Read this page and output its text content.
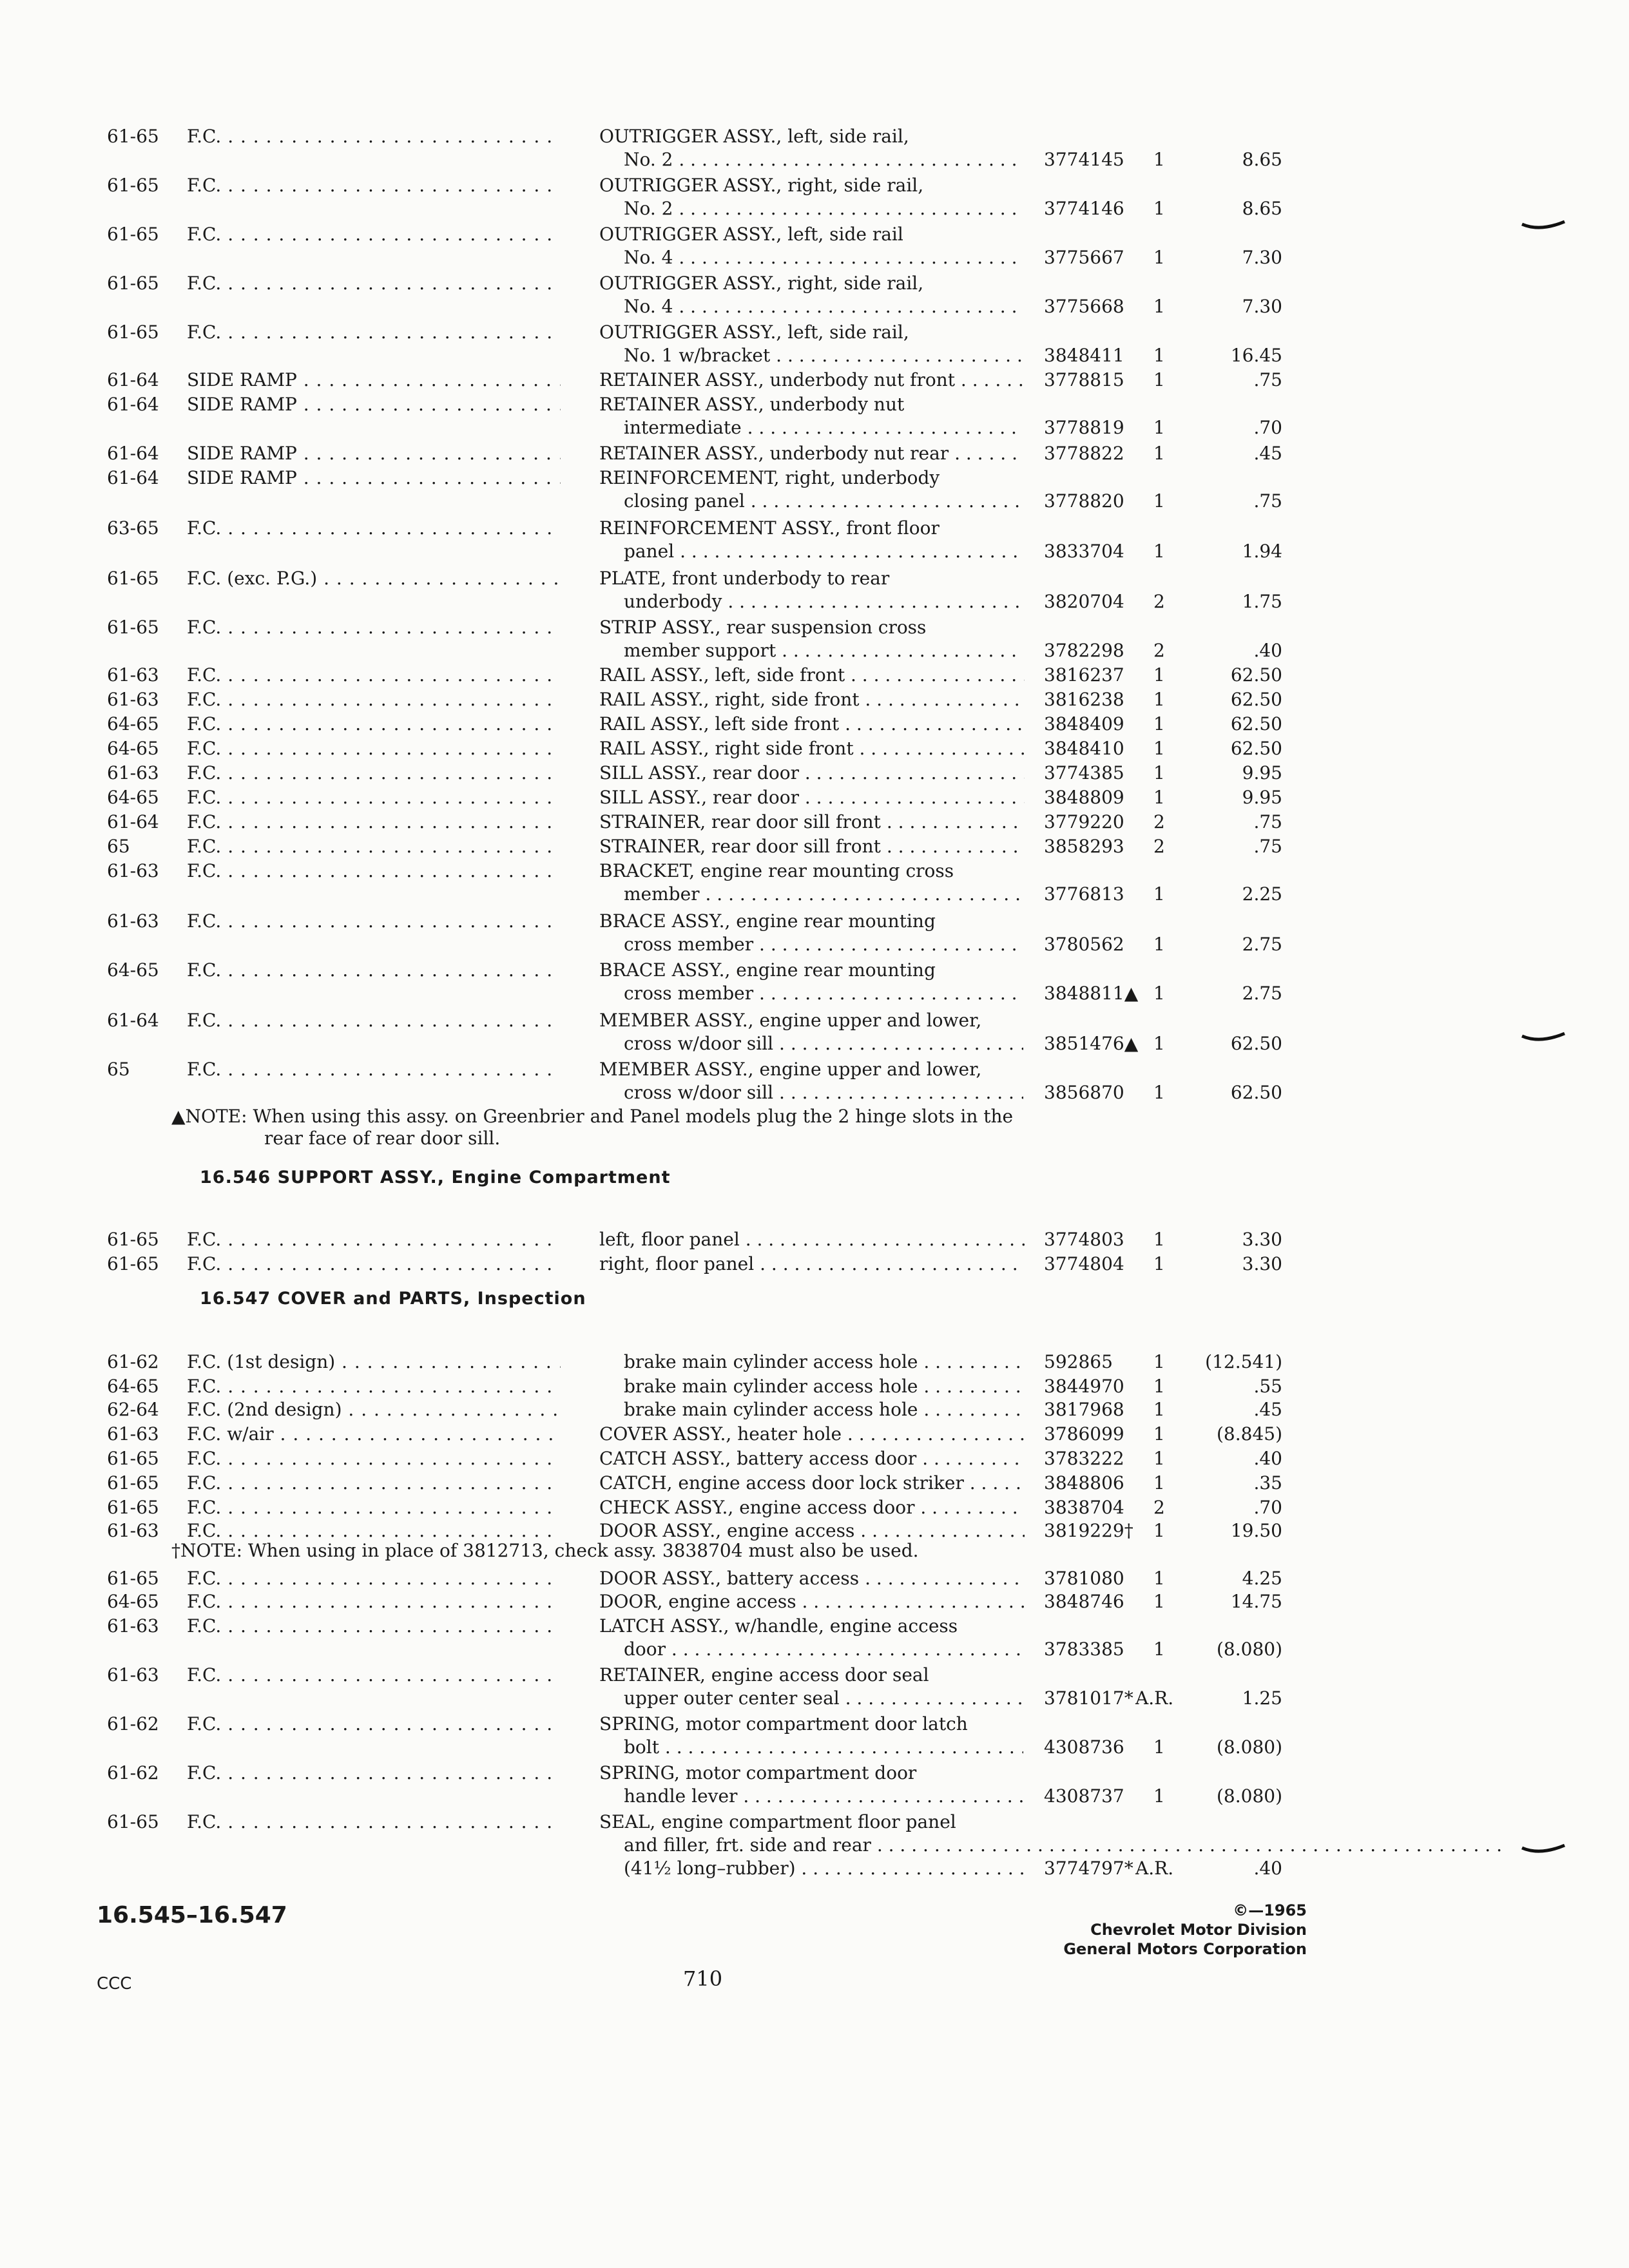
61-65 F.C. . . .	OUTRIGGER ASSY., left, side rail,
No. 2 . . .	3774145 1	8.65
61-65 F.C. . . .	OUTRIGGER ASSY., right, side rail,
No. 2 . . .	3774146 1	8.65
61-65 F.C. . . .	OUTRIGGER ASSY., left, side rail
No. 4 . . .	3775667 1	7.30
61-65 F.C. . . .	OUTRIGGER ASSY., right, side rail,
No. 4 . . .	3775668 1	7.30
61-65 F.C. . . .	OUTRIGGER ASSY., left, side rail,
No. 1 w/bracket . . .	3848411 1	16.45
61-64 SIDE RAMP . . .	RETAINER ASSY., underbody nut front . . .	3778815 1	.75
61-64 SIDE RAMP . . .	RETAINER ASSY., underbody nut
intermediate . . .	3778819 1	.70
61-64 SIDE RAMP . . .	RETAINER ASSY., underbody nut rear . . .	3778822 1	.45
61-64 SIDE RAMP . . .	REINFORCEMENT, right, underbody
closing panel . . .	3778820 1	.75
63-65 F.C. . . .	REINFORCEMENT ASSY., front floor
panel . . .	3833704 1	1.94
61-65 F.C. (exc. P.G.) . . .	PLATE, front underbody to rear
underbody . . .	3820704 2	1.75
61-65 F.C. . . .	STRIP ASSY., rear suspension cross
member support . . .	3782298 2	.40
61-63 F.C. . . .	RAIL ASSY., left, side front . . .	3816237 1	62.50
61-63 F.C. . . .	RAIL ASSY., right, side front . . .	3816238 1	62.50
64-65 F.C. . . .	RAIL ASSY., left side front . . .	3848409 1	62.50
64-65 F.C. . . .	RAIL ASSY., right side front . . .	3848410 1	62.50
61-63 F.C. . . .	SILL ASSY., rear door . . .	3774385 1	9.95
64-65 F.C. . . .	SILL ASSY., rear door . . .	3848809 1	9.95
61-64 F.C. . . .	STRAINER, rear door sill front . . .	3779220 2	.75
65	F.C. . . .	STRAINER, rear door sill front . . .	3858293 2	.75
61-63 F.C. . . .	BRACKET, engine rear mounting cross
member . . .	3776813 1	2.25
61-63 F.C. . . .	BRACE ASSY., engine rear mounting
cross member . . .	3780562 1	2.75
64-65 F.C. . . .	BRACE ASSY., engine rear mounting
cross member . . .	3848811▲ 1	2.75
61-64 F.C. . . .	MEMBER ASSY., engine upper and lower,
cross w/door sill . . .	3851476▲ 1	62.50
65	F.C. . . .	MEMBER ASSY., engine upper and lower,
cross w/door sill . . .	3856870 1	62.50
61-65 F.C. . . .	left, floor panel . . .	3774803 1	3.30
61-65 F.C. . . .	right, floor panel . . .	3774804 1	3.30
61-62 F.C. (1st design) . . .	brake main cylinder access hole . . .	592865 1	(12.541)
64-65 F.C. . . .	brake main cylinder access hole . . .	3844970 1	.55
62-64 F.C. (2nd design) . . .	brake main cylinder access hole . . .	3817968 1	.45
61-63 F.C. w/air . . .	COVER ASSY., heater hole . . .	3786099 1	(8.845)
61-65 F.C. . . .	CATCH ASSY., battery access door . . .	3783222 1	.40
61-65 F.C. . . .	CATCH, engine access door lock striker . . .	3848806 1	.35
61-65 F.C. . . .	CHECK ASSY., engine access door . . .	3838704 2	.70
61-63 F.C. . . .	DOOR ASSY., engine access . . .	3819229† 1	19.50
61-65 F.C. . . .	DOOR ASSY., battery access . . .	3781080 1	4.25
64-65 F.C. . . .	DOOR, engine access . . .	3848746 1	14.75
61-63 F.C. . . .	LATCH ASSY., w/handle, engine access
door . . .	3783385 1	(8.080)
61-63 F.C. . . .	RETAINER, engine access door seal
upper outer center seal . . .	3781017* A.R.	1.25
61-62 F.C. . . .	SPRING, motor compartment door latch
bolt . . .	4308736 1	(8.080)
61-62 F.C. . . .	SPRING, motor compartment door
handle lever . . .	4308737 1	(8.080)
61-65 F.C. . . .	SEAL, engine compartment floor panel
and filler, frt. side and rear . . .
(41½ long–rubber) . . .	3774797* A.R.	.40
▲NOTE: When using this assy. on Greenbrier and Panel models plug the 2 hinge slots in the
rear face of rear door sill.
16.546 SUPPORT ASSY., Engine Compartment
16.547 COVER and PARTS, Inspection
†NOTE: When using in place of 3812713, check assy. 3838704 must also be used.
16.545–16.547
CCC	710
©—1965
Chevrolet Motor Division
General Motors Corporation
